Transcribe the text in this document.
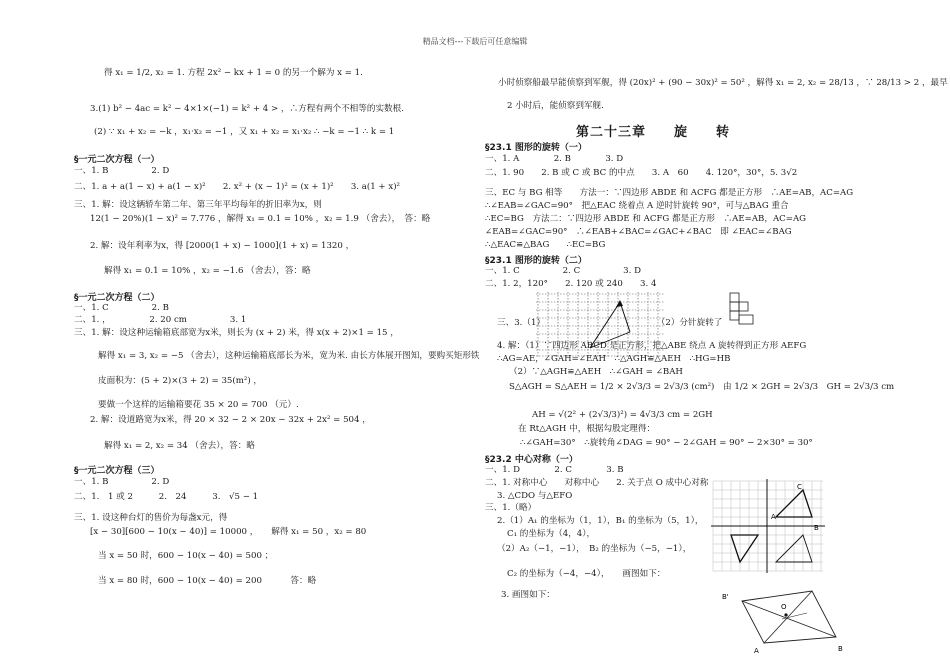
精品文档---下载后可任意编辑
得 x₁ = 1/2, x₂ = 1. 方程 2x² − kx + 1 = 0 的另一个解为 x = 1.
3.(1) b² − 4ac = k² − 4×1×(−1) = k² + 4 > ，∴方程有两个不相等的实数根.
(2) ∵ x₁ + x₂ = −k ，x₁·x₂ = −1 ，又 x₁ + x₂ = x₁·x₂ ∴ −k = −1 ∴ k = 1
§一元二次方程（一）
一、1. B　　　　　2. D
二、1. a + a(1 − x) + a(1 − x)²　　2. x² + (x − 1)² = (x + 1)²　　3. a(1 + x)²
三、1. 解：设这辆轿车第二年、第三年平均每年的折旧率为x，则
12(1 − 20%)(1 − x)² = 7.776 ，解得 x₁ = 0.1 = 10% ，x₂ = 1.9 （舍去），　答：略
2. 解：设年利率为x，得 [2000(1 + x) − 1000](1 + x) = 1320 ，
解得 x₁ = 0.1 = 10% ，x₂ = −1.6 （舍去），答：略
§一元二次方程（二）
一、1. C　　　　　2. B
二、1. ，　　　　　2. 20 cm　　　　　3. 1
三、1. 解：设这种运输箱底部宽为x米，则长为 (x + 2) 米，得 x(x + 2)×1 = 15 ，
解得 x₁ = 3, x₂ = −5 （舍去），这种运输箱底部长为米，宽为米. 由长方体展开图知，要购买矩形铁
皮面积为：(5 + 2)×(3 + 2) = 35(m²) ，
要做一个这样的运输箱要花 35 × 20 = 700 （元）.
2. 解：设道路宽为x米，得 20 × 32 − 2 × 20x − 32x + 2x² = 504 ，
解得 x₁ = 2, x₂ = 34 （舍去），答：略
§一元二次方程（三）
一、1. B　　　　　2. D
二、1.　1 或 2　　　2.　24　　　3.　√5 − 1
三、1. 设这种台灯的售价为每盏x元，得
[x − 30][600 − 10(x − 40)] = 10000 ，　　解得 x₁ = 50 ，x₂ = 80
当 x = 50 时，600 − 10(x − 40) = 500 ；
当 x = 80 时，600 − 10(x − 40) = 200 　　　答：略
小时侦察船最早能侦察到军舰，得 (20x)² + (90 − 30x)² = 50² ，解得 x₁ = 2, x₂ = 28/13 ，∵ 28/13 > 2 ，最早
2 小时后，能侦察到军舰.
第二十三章　　旋　　转
§23.1 图形的旋转（一）
一、1. A　　　　2. B　　　　3. D
二、1. 90　　2. B 或 C 或 BC 的中点　　3. A　60　　4. 120°，30°，5. 3√2
三、EC 与 BG 相等　　方法一：∵四边形 ABDE 和 ACFG 都是正方形　∴AE=AB，AC=AG
∴∠EAB=∠GAC=90°　把△EAC 绕着点 A 逆时针旋转 90°，可与△BAG 重合
∴EC=BG　方法二：∵四边形 ABDE 和 ACFG 都是正方形　∴AE=AB，AC=AG
∠EAB=∠GAC=90°　∴∠EAB+∠BAC=∠GAC+∠BAC　即 ∠EAC=∠BAG
∴△EAC≌△BAG　　∴EC=BG
§23.1 图形的旋转（二）
一、1. C　　　　　2. C　　　　　3. D
二、1. 2，120°　　2. 120 或 240　　3. 4
三、3.（1）　　　　　　　　　　　　　　（2）分针旋转了
4. 解：（1）∵四边形 ABCD 是正方形，把△ABE 绕点 A 旋转得到正方形 AEFG
∴AG=AE，∠GAH=∠EAH　∴△AGH≌△AEH　∴HG=HB
（2）∵△AGH≌△AEH　∴∠GAH = ∠BAH
S△AGH = S△AEH = 1/2 × 2√3/3 = 2√3/3 (cm²)　由 1/2 × 2GH = 2√3/3　GH = 2√3/3 cm
AH = √(2² + (2√3/3)²) = 4√3/3 cm = 2GH
在 Rt△AGH 中，根据勾股定理得：
∴∠GAH=30°　∴旋转角∠DAG = 90° − 2∠GAH = 90° − 2×30° = 30°
§23.2 中心对称（一）
一、1. D　　　　2. C　　　　3. B
二、1. 对称中心　　对称中心　　2. 关于点 O 成中心对称
3. △CDO 与△EFO
三、1.（略）
2.（1）A₁ 的坐标为（1，1），B₁ 的坐标为（5，1），
C₁ 的坐标为（4，4），
（2）A₂（−1，−1），　B₂ 的坐标为（−5，−1），
C₂ 的坐标为（−4，−4），　　画图如下：
3. 画图如下：
A
B
C
B'
O
A	B
